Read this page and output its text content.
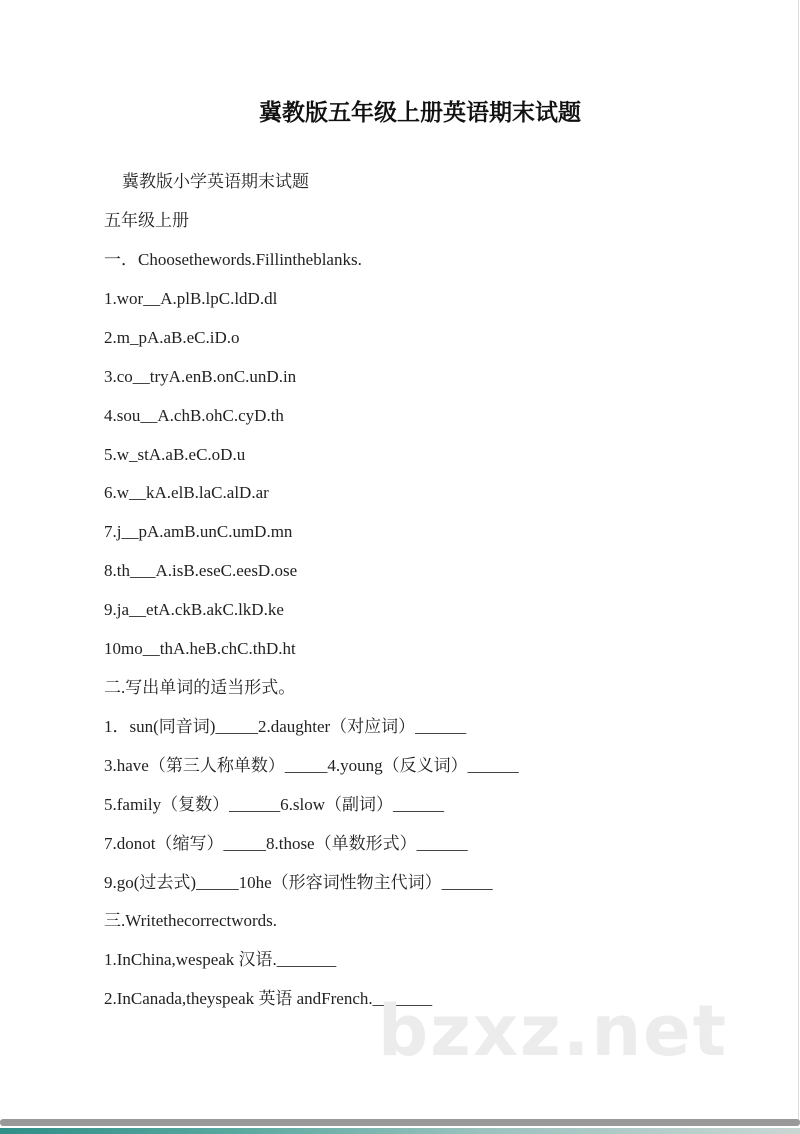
冀教版五年级上册英语期末试题
冀教版小学英语期末试题
五年级上册
一．Choosethewords.Fillintheblanks.
1.wor__A.plB.lpC.ldD.dl
2.m_pA.aB.eC.iD.o
3.co__tryA.enB.onC.unD.in
4.sou__A.chB.ohC.cyD.th
5.w_stA.aB.eC.oD.u
6.w__kA.elB.laC.alD.ar
7.j__pA.amB.unC.umD.mn
8.th___A.isB.eseC.eesD.ose
9.ja__etA.ckB.akC.lkD.ke
10mo__thA.heB.chC.thD.ht
二.写出单词的适当形式。
1．sun(同音词)_____2.daughter（对应词）______
3.have（第三人称单数）_____4.young（反义词）______
5.family（复数）______6.slow（副词）______
7.donot（缩写）_____8.those（单数形式）______
9.go(过去式)_____10he（形容词性物主代词）______
三.Writethecorrectwords.
1.InChina,wespeak 汉语._______
2.InCanada,theyspeak 英语 andFrench._______
bzxz.net
